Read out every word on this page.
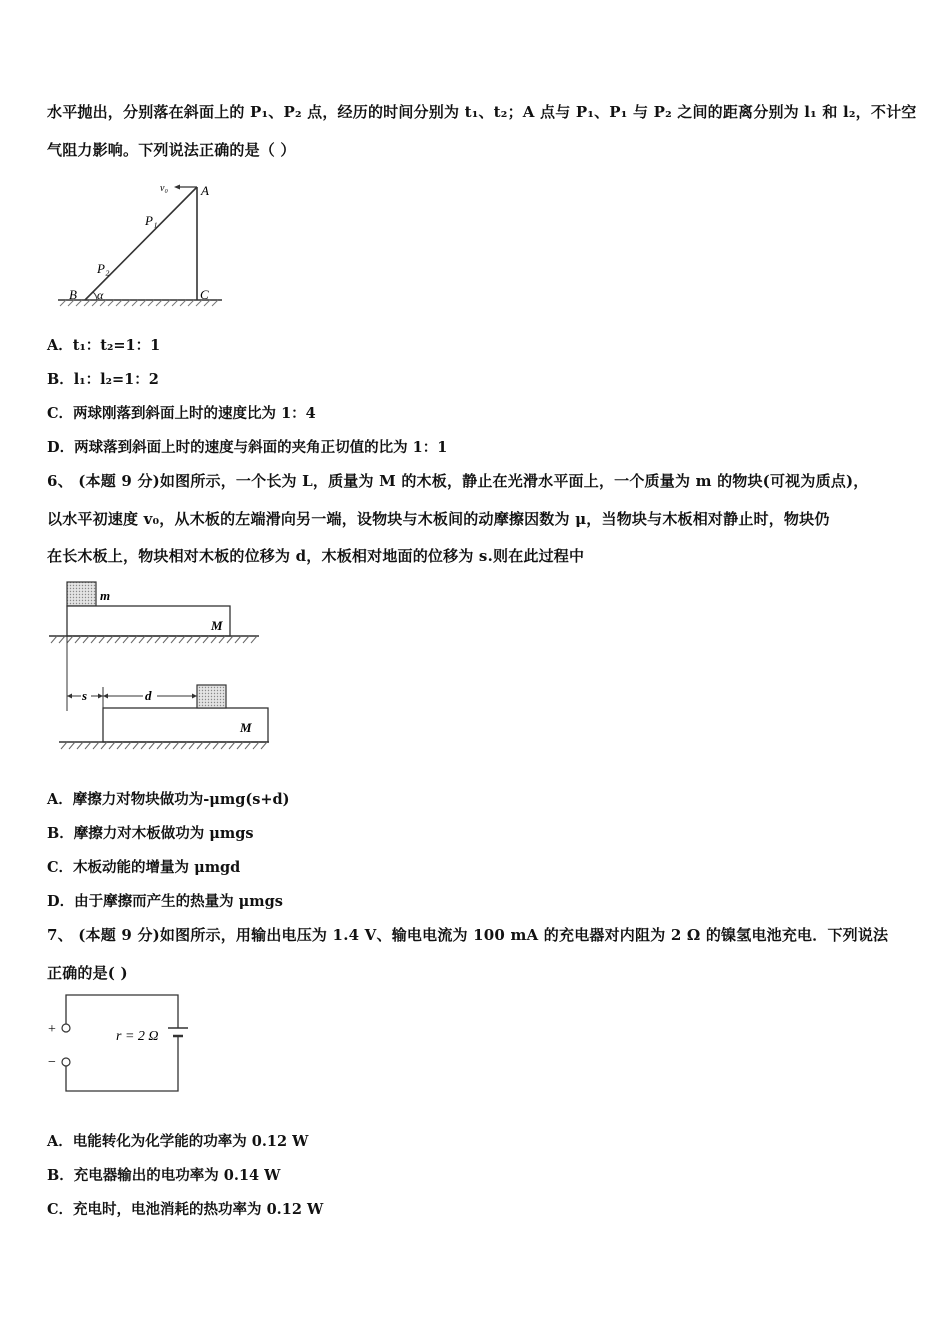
水平抛出，分别落在斜面上的 P₁、P₂ 点，经历的时间分别为 t₁、t₂；A 点与 P₁、P₁ 与 P₂ 之间的距离分别为 l₁ 和 l₂，不计空
气阻力影响。下列说法正确的是（ ）
v₀	A
P₁
P₂
B α	C
A．t₁：t₂=1：1
B．l₁：l₂=1：2
C．两球刚落到斜面上时的速度比为 1：4
D．两球落到斜面上时的速度与斜面的夹角正切值的比为 1：1
6、 (本题 9 分)如图所示，一个长为 L，质量为 M 的木板，静止在光滑水平面上，一个质量为 m 的物块(可视为质点)，
以水平初速度 v₀，从木板的左端滑向另一端，设物块与木板间的动摩擦因数为 μ，当物块与木板相对静止时，物块仍
在长木板上，物块相对木板的位移为 d，木板相对地面的位移为 s.则在此过程中
m
M
s	d
M
A．摩擦力对物块做功为-μmg(s+d)
B．摩擦力对木板做功为 μmgs
C．木板动能的增量为 μmgd
D．由于摩擦而产生的热量为 μmgs
7、 (本题 9 分)如图所示，用输出电压为 1.4 V、输电电流为 100 mA 的充电器对内阻为 2 Ω 的镍氢电池充电．下列说法
正确的是( )
+
−
r = 2 Ω
A．电能转化为化学能的功率为 0.12 W
B．充电器输出的电功率为 0.14 W
C．充电时，电池消耗的热功率为 0.12 W
